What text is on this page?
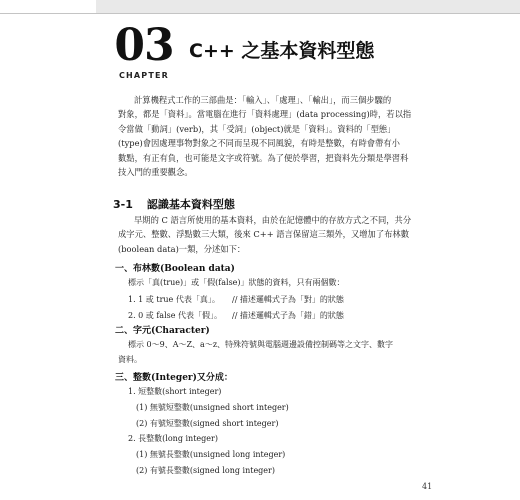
03
CHAPTER
C++ 之基本資料型態
計算機程式工作的三部曲是：「輸入」、「處理」、「輸出」，而三個步驟的
對象，都是「資料」。當電腦在進行「資料處理」(data processing)時，若以指
令當做「動詞」(verb)，其「受詞」(object)就是「資料」。資料的「型態」
(type)會因處理事物對象之不同而呈現不同風貌，有時是整數，有時會帶有小
數點，有正有負，也可能是文字或符號。為了便於學習，把資料先分類是學習科
技入門的重要觀念。
3-1 認識基本資料型態
早期的 C 語言所使用的基本資料，由於在記憶體中的存放方式之不同，共分
成字元、整數、浮點數三大類，後來 C++ 語言保留這三類外，又增加了布林數
(boolean data)一類，分述如下：
一、布林數(Boolean data)
標示「真(true)」或「假(false)」狀態的資料，只有兩個數：
1. 1 或 true 代表「真」。 // 描述邏輯式子為「對」的狀態
2. 0 或 false 代表「假」。 // 描述邏輯式子為「錯」的狀態
二、字元(Character)
標示 0～9、A～Z、a～z、特殊符號與電腦週邊設備控制碼等之文字、數字
資料。
三、整數(Integer)又分成：
1. 短整數(short integer)
(1) 無號短整數(unsigned short integer)
(2) 有號短整數(signed short integer)
2. 長整數(long integer)
(1) 無號長整數(unsigned long integer)
(2) 有號長整數(signed long integer)
41
